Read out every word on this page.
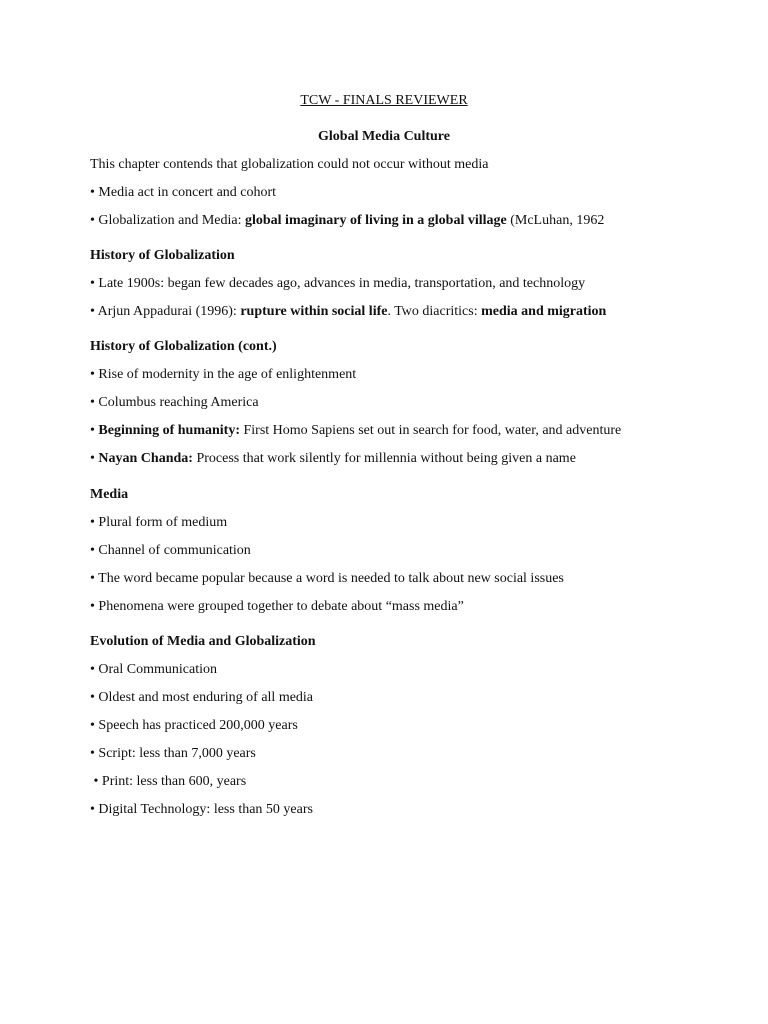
TCW - FINALS REVIEWER
Global Media Culture
This chapter contends that globalization could not occur without media
• Media act in concert and cohort
• Globalization and Media: global imaginary of living in a global village (McLuhan, 1962
History of Globalization
• Late 1900s: began few decades ago, advances in media, transportation, and technology
• Arjun Appadurai (1996): rupture within social life. Two diacritics: media and migration
History of Globalization (cont.)
• Rise of modernity in the age of enlightenment
• Columbus reaching America
• Beginning of humanity: First Homo Sapiens set out in search for food, water, and adventure
• Nayan Chanda: Process that work silently for millennia without being given a name
Media
• Plural form of medium
• Channel of communication
• The word became popular because a word is needed to talk about new social issues
• Phenomena were grouped together to debate about “mass media”
Evolution of Media and Globalization
• Oral Communication
• Oldest and most enduring of all media
• Speech has practiced 200,000 years
• Script: less than 7,000 years
• Print: less than 600, years
• Digital Technology: less than 50 years
